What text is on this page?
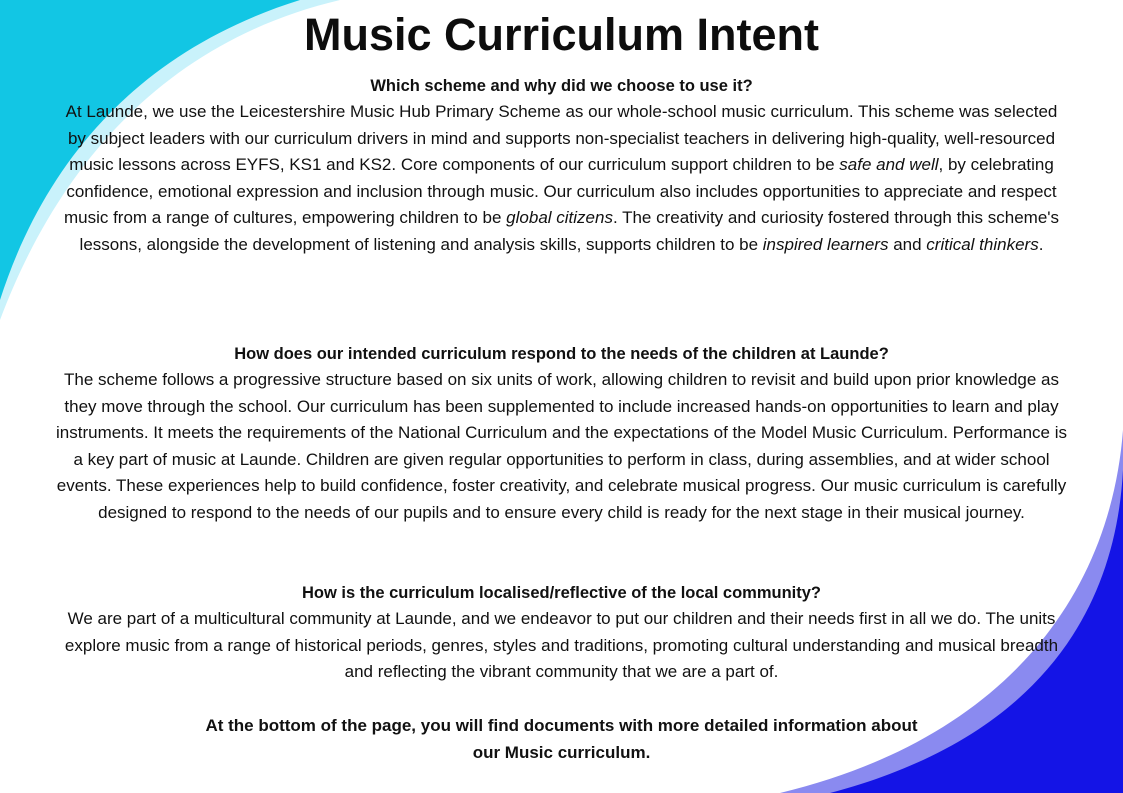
Music Curriculum Intent

Which scheme and why did we choose to use it?

At Launde, we use the Leicestershire Music Hub Primary Scheme as our whole-school music curriculum. This scheme was selected by subject leaders with our curriculum drivers in mind and supports non-specialist teachers in delivering high-quality, well-resourced music lessons across EYFS, KS1 and KS2. Core components of our curriculum support children to be safe and well, by celebrating confidence, emotional expression and inclusion through music. Our curriculum also includes opportunities to appreciate and respect music from a range of cultures, empowering children to be global citizens. The creativity and curiosity fostered through this scheme's lessons, alongside the development of listening and analysis skills, supports children to be inspired learners and critical thinkers.

How does our intended curriculum respond to the needs of the children at Launde?

The scheme follows a progressive structure based on six units of work, allowing children to revisit and build upon prior knowledge as they move through the school. Our curriculum has been supplemented to include increased hands-on opportunities to learn and play instruments. It meets the requirements of the National Curriculum and the expectations of the Model Music Curriculum. Performance is a key part of music at Launde. Children are given regular opportunities to perform in class, during assemblies, and at wider school events. These experiences help to build confidence, foster creativity, and celebrate musical progress. Our music curriculum is carefully designed to respond to the needs of our pupils and to ensure every child is ready for the next stage in their musical journey.

How is the curriculum localised/reflective of the local community?

We are part of a multicultural community at Launde, and we endeavor to put our children and their needs first in all we do. The units explore music from a range of historical periods, genres, styles and traditions, promoting cultural understanding and musical breadth and reflecting the vibrant community that we are a part of.

At the bottom of the page, you will find documents with more detailed information about our Music curriculum.
